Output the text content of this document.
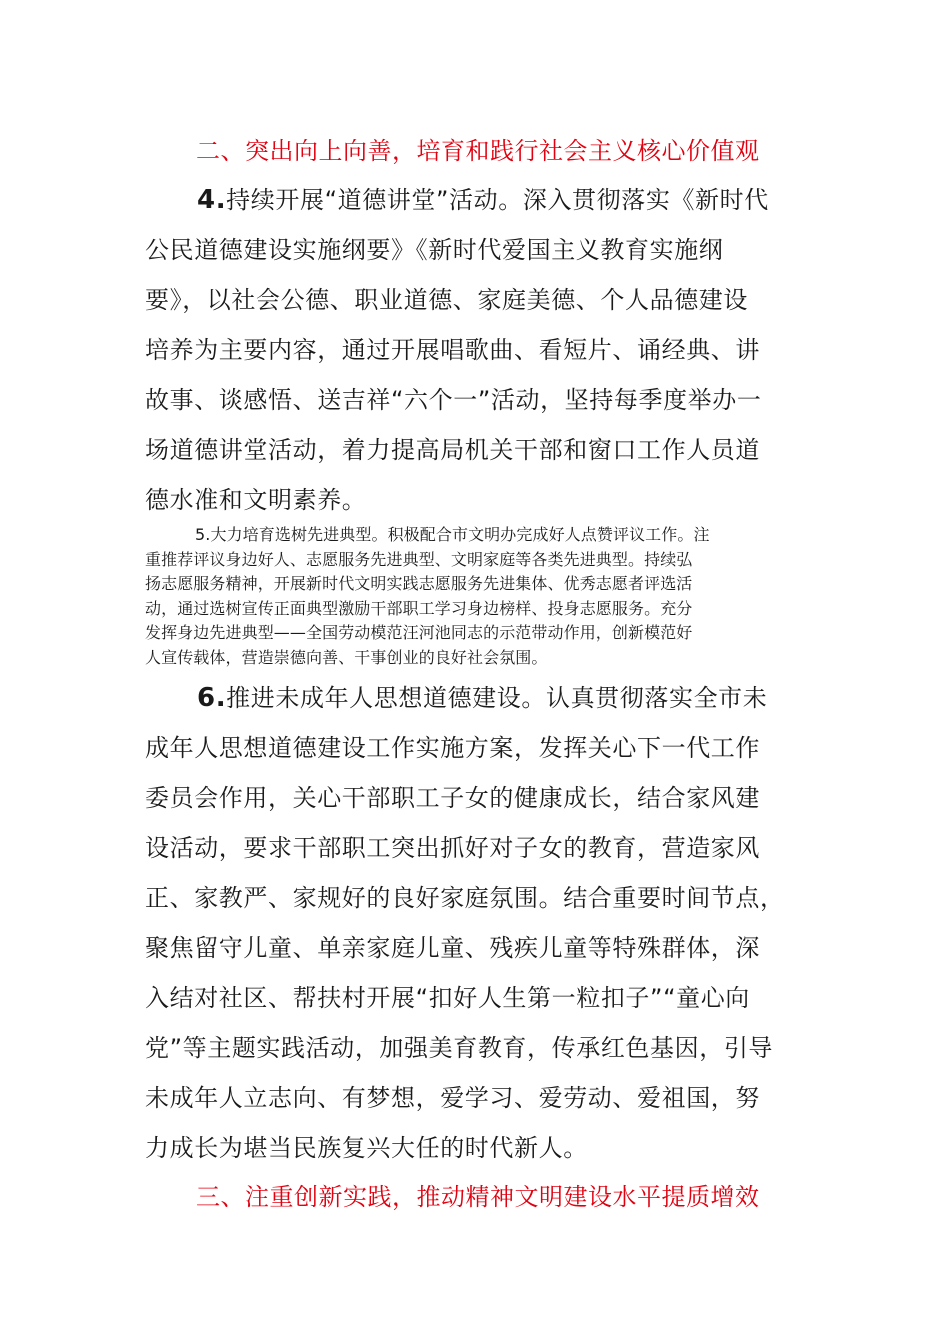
二、突出向上向善，培育和践行社会主义核心价值观
4.持续开展“道德讲堂”活动。深入贯彻落实《新时代
公民道德建设实施纲要》《新时代爱国主义教育实施纲
要》，以社会公德、职业道德、家庭美德、个人品德建设
培养为主要内容，通过开展唱歌曲、看短片、诵经典、讲
故事、谈感悟、送吉祥“六个一”活动，坚持每季度举办一
场道德讲堂活动，着力提高局机关干部和窗口工作人员道
德水准和文明素养。
5.大力培育选树先进典型。积极配合市文明办完成好人点赞评议工作。注
重推荐评议身边好人、志愿服务先进典型、文明家庭等各类先进典型。持续弘
扬志愿服务精神，开展新时代文明实践志愿服务先进集体、优秀志愿者评选活
动，通过选树宣传正面典型激励干部职工学习身边榜样、投身志愿服务。充分
发挥身边先进典型——全国劳动模范汪河池同志的示范带动作用，创新模范好
人宣传载体，营造崇德向善、干事创业的良好社会氛围。
6.推进未成年人思想道德建设。认真贯彻落实全市未
成年人思想道德建设工作实施方案，发挥关心下一代工作
委员会作用，关心干部职工子女的健康成长，结合家风建
设活动，要求干部职工突出抓好对子女的教育，营造家风
正、家教严、家规好的良好家庭氛围。结合重要时间节点，
聚焦留守儿童、单亲家庭儿童、残疾儿童等特殊群体，深
入结对社区、帮扶村开展“扣好人生第一粒扣子”“童心向
党”等主题实践活动，加强美育教育，传承红色基因，引导
未成年人立志向、有梦想，爱学习、爱劳动、爱祖国，努
力成长为堪当民族复兴大任的时代新人。
三、注重创新实践，推动精神文明建设水平提质增效
